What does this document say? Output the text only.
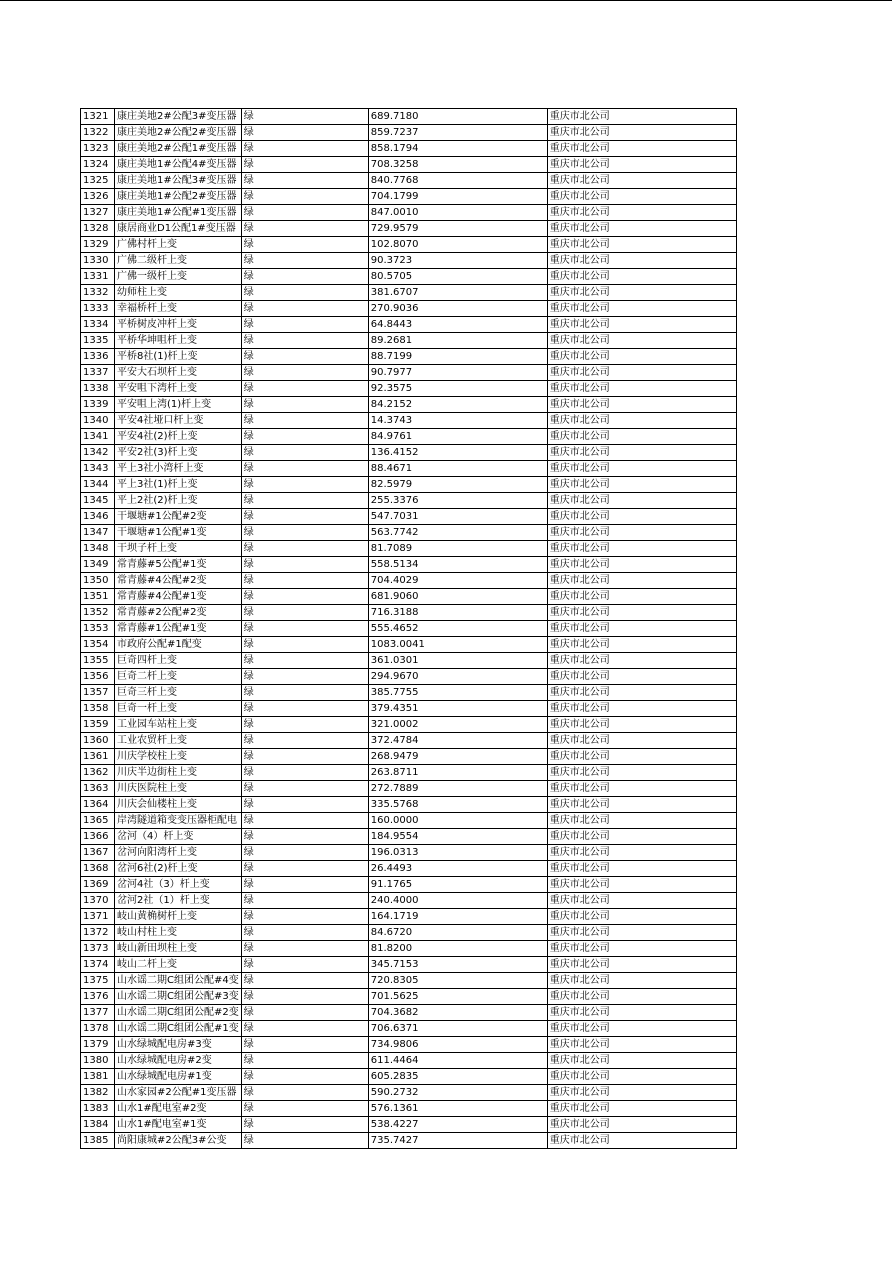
1321	康庄美地2#公配3#变压器	绿	689.7180	重庆市北公司
1322	康庄美地2#公配2#变压器	绿	859.7237	重庆市北公司
1323	康庄美地2#公配1#变压器	绿	858.1794	重庆市北公司
1324	康庄美地1#公配4#变压器	绿	708.3258	重庆市北公司
1325	康庄美地1#公配3#变压器	绿	840.7768	重庆市北公司
1326	康庄美地1#公配2#变压器	绿	704.1799	重庆市北公司
1327	康庄美地1#公配#1变压器	绿	847.0010	重庆市北公司
1328	康居商业D1公配1#变压器	绿	729.9579	重庆市北公司
1329	广佛村杆上变	绿	102.8070	重庆市北公司
1330	广佛二级杆上变	绿	90.3723	重庆市北公司
1331	广佛一级杆上变	绿	80.5705	重庆市北公司
1332	幼师柱上变	绿	381.6707	重庆市北公司
1333	幸福桥杆上变	绿	270.9036	重庆市北公司
1334	平桥树皮冲杆上变	绿	64.8443	重庆市北公司
1335	平桥华坤咀杆上变	绿	89.2681	重庆市北公司
1336	平桥8社(1)杆上变	绿	88.7199	重庆市北公司
1337	平安大石坝杆上变	绿	90.7977	重庆市北公司
1338	平安咀下湾杆上变	绿	92.3575	重庆市北公司
1339	平安咀上湾(1)杆上变	绿	84.2152	重庆市北公司
1340	平安4社垭口杆上变	绿	14.3743	重庆市北公司
1341	平安4社(2)杆上变	绿	84.9761	重庆市北公司
1342	平安2社(3)杆上变	绿	136.4152	重庆市北公司
1343	平上3社小湾杆上变	绿	88.4671	重庆市北公司
1344	平上3社(1)杆上变	绿	82.5979	重庆市北公司
1345	平上2社(2)杆上变	绿	255.3376	重庆市北公司
1346	干堰塘#1公配#2变	绿	547.7031	重庆市北公司
1347	干堰塘#1公配#1变	绿	563.7742	重庆市北公司
1348	干坝子杆上变	绿	81.7089	重庆市北公司
1349	常青藤#5公配#1变	绿	558.5134	重庆市北公司
1350	常青藤#4公配#2变	绿	704.4029	重庆市北公司
1351	常青藤#4公配#1变	绿	681.9060	重庆市北公司
1352	常青藤#2公配#2变	绿	716.3188	重庆市北公司
1353	常青藤#1公配#1变	绿	555.4652	重庆市北公司
1354	市政府公配#1配变	绿	1083.0041	重庆市北公司
1355	巨奇四杆上变	绿	361.0301	重庆市北公司
1356	巨奇二杆上变	绿	294.9670	重庆市北公司
1357	巨奇三杆上变	绿	385.7755	重庆市北公司
1358	巨奇一杆上变	绿	379.4351	重庆市北公司
1359	工业园车站柱上变	绿	321.0002	重庆市北公司
1360	工业农贸杆上变	绿	372.4784	重庆市北公司
1361	川庆学校柱上变	绿	268.9479	重庆市北公司
1362	川庆半边街柱上变	绿	263.8711	重庆市北公司
1363	川庆医院柱上变	绿	272.7889	重庆市北公司
1364	川庆会仙楼柱上变	绿	335.5768	重庆市北公司
1365	岸湾隧道箱变变压器柜配电	绿	160.0000	重庆市北公司
1366	岔河（4）杆上变	绿	184.9554	重庆市北公司
1367	岔河向阳湾杆上变	绿	196.0313	重庆市北公司
1368	岔河6社(2)杆上变	绿	26.4493	重庆市北公司
1369	岔河4社（3）杆上变	绿	91.1765	重庆市北公司
1370	岔河2社（1）杆上变	绿	240.4000	重庆市北公司
1371	岐山黄桷树杆上变	绿	164.1719	重庆市北公司
1372	岐山村柱上变	绿	84.6720	重庆市北公司
1373	岐山新田坝柱上变	绿	81.8200	重庆市北公司
1374	岐山二杆上变	绿	345.7153	重庆市北公司
1375	山水谣二期C组团公配#4变	绿	720.8305	重庆市北公司
1376	山水谣二期C组团公配#3变	绿	701.5625	重庆市北公司
1377	山水谣二期C组团公配#2变	绿	704.3682	重庆市北公司
1378	山水谣二期C组团公配#1变	绿	706.6371	重庆市北公司
1379	山水绿城配电房#3变	绿	734.9806	重庆市北公司
1380	山水绿城配电房#2变	绿	611.4464	重庆市北公司
1381	山水绿城配电房#1变	绿	605.2835	重庆市北公司
1382	山水家园#2公配#1变压器	绿	590.2732	重庆市北公司
1383	山水1#配电室#2变	绿	576.1361	重庆市北公司
1384	山水1#配电室#1变	绿	538.4227	重庆市北公司
1385	尚阳康城#2公配3#公变	绿	735.7427	重庆市北公司
